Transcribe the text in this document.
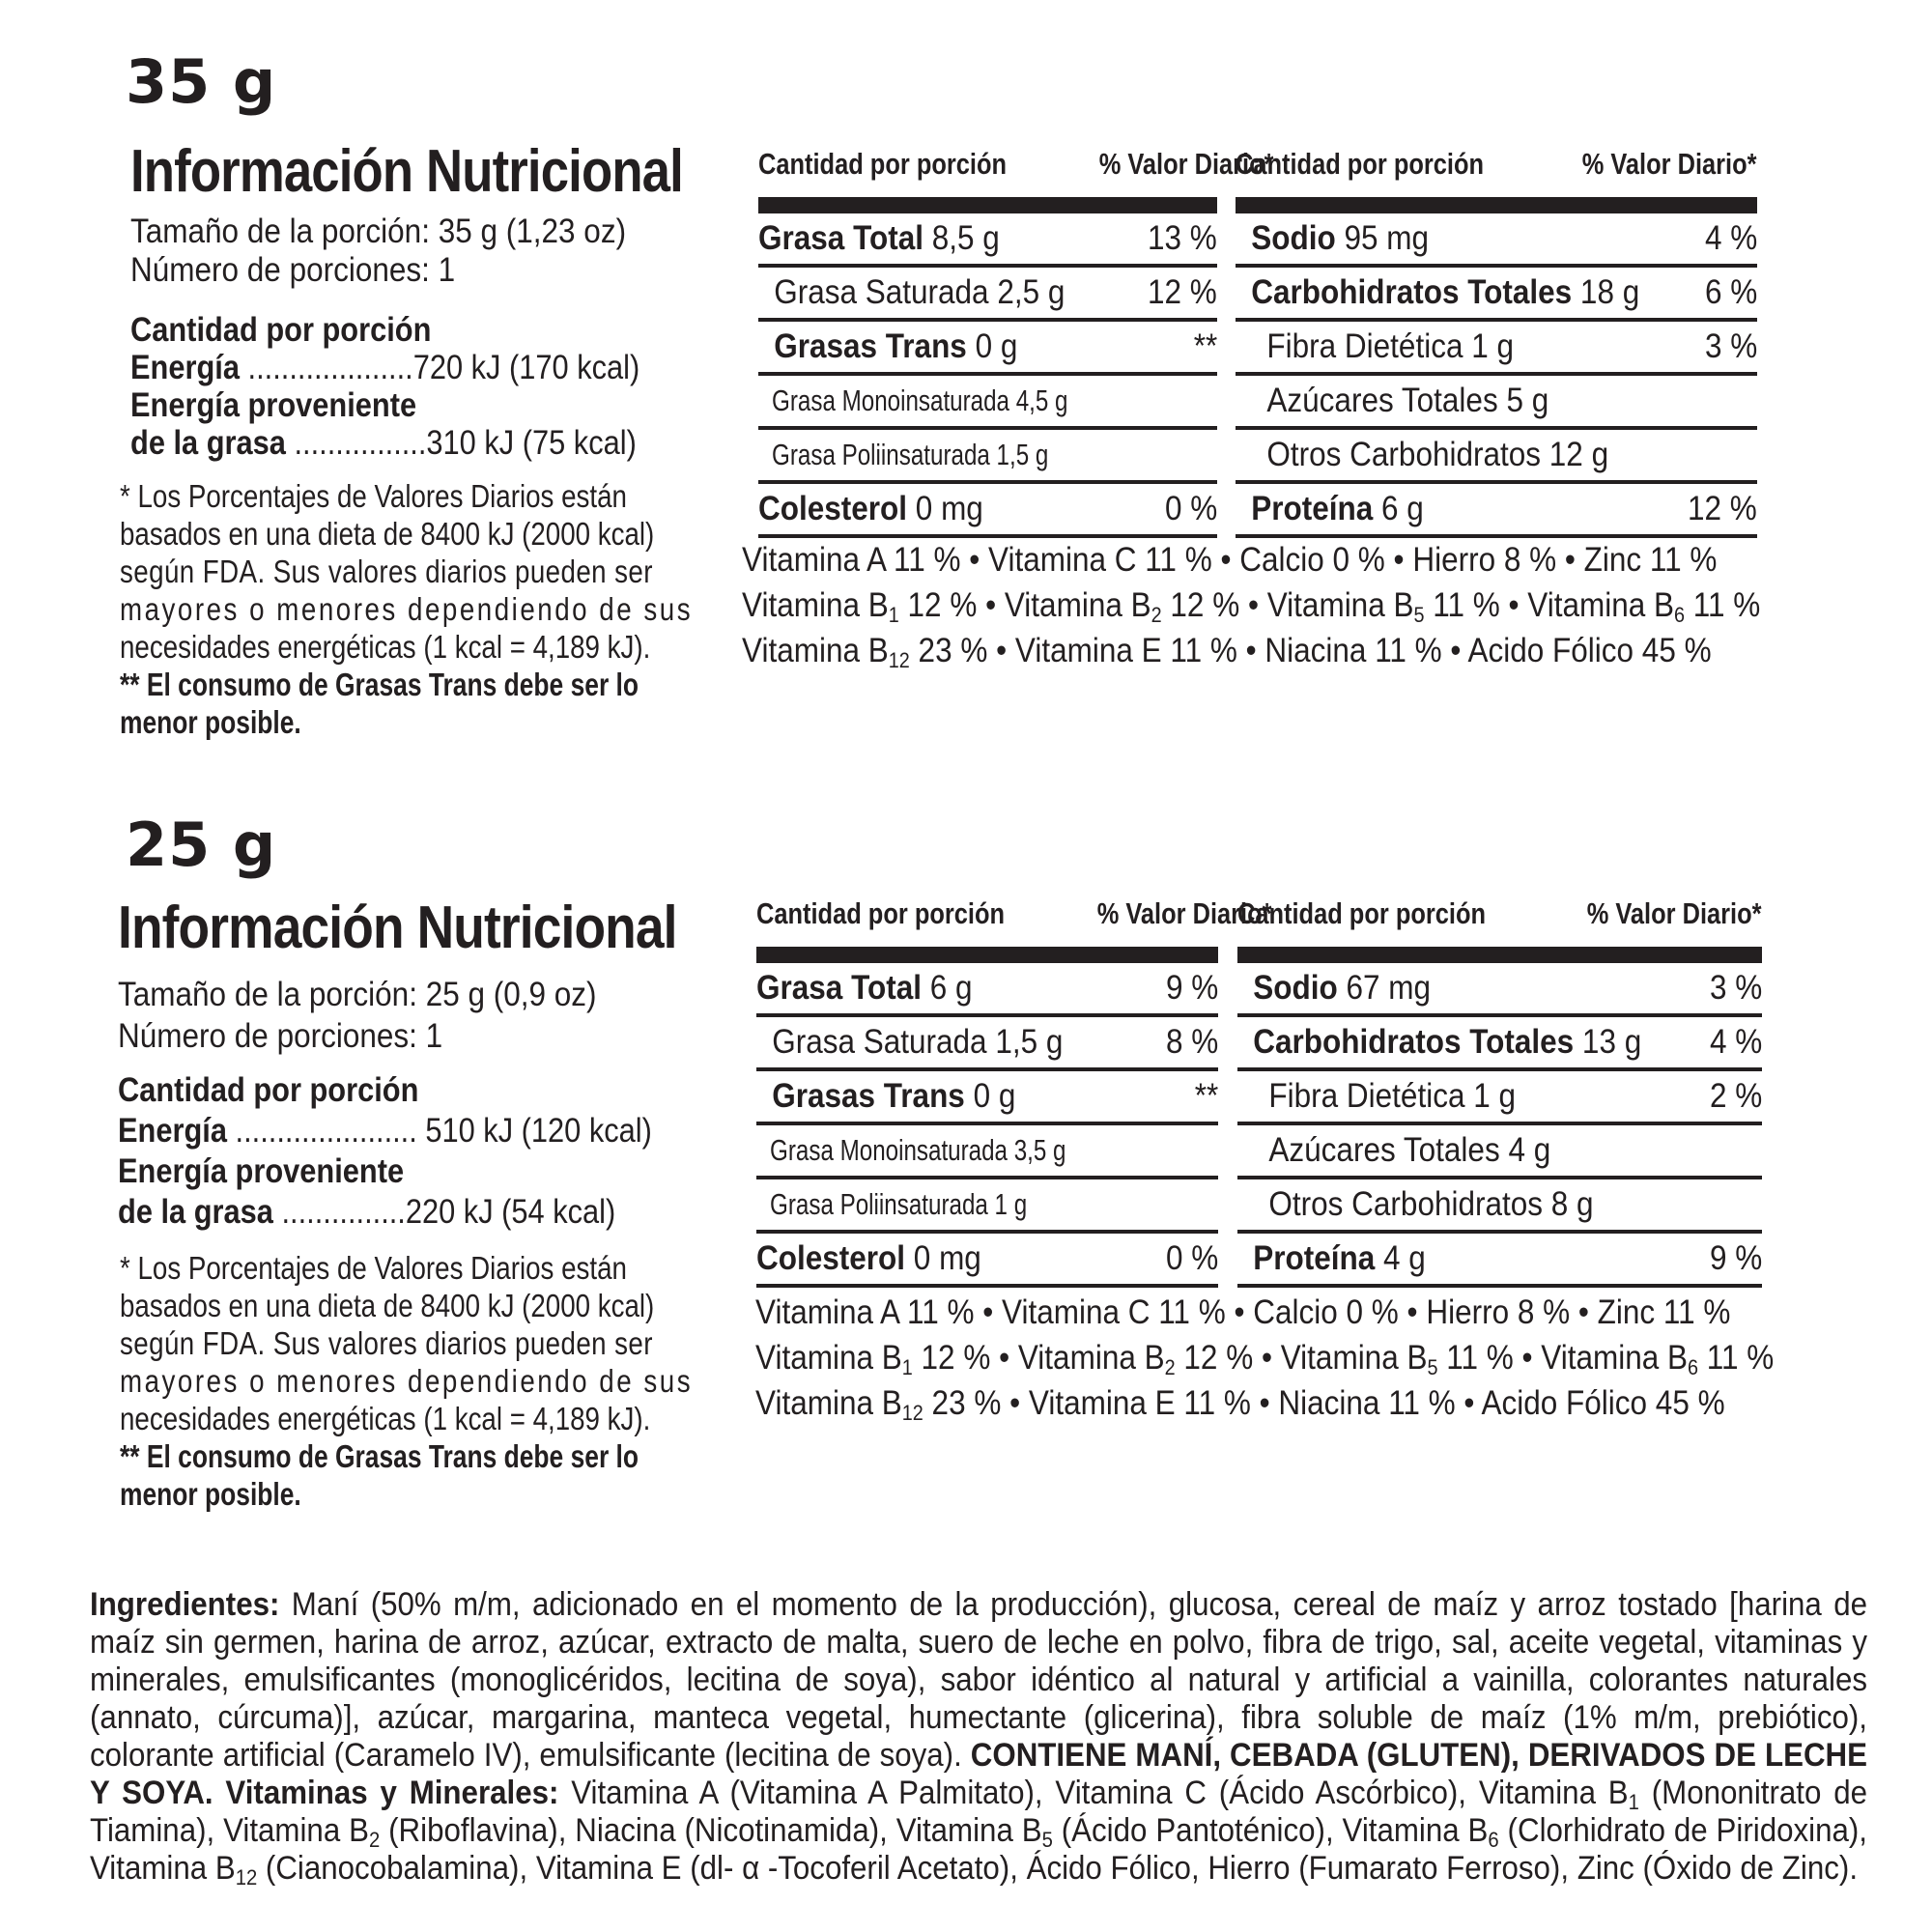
35 g
Información Nutricional
Tamaño de la porción: 35 g (1,23 oz)
Número de porciones: 1
Cantidad por porción
Energía ....................720 kJ (170 kcal)
Energía proveniente
de la grasa ................310 kJ (75 kcal)
* Los Porcentajes de Valores Diarios están
basados en una dieta de 8400 kJ (2000 kcal)
según FDA. Sus valores diarios pueden ser
mayores o menores dependiendo de sus
necesidades energéticas (1 kcal = 4,189 kJ).
** El consumo de Grasas Trans debe ser lo
menor posible.
Cantidad por porción	% Valor Diario*
Grasa Total 8,5 g	13 %
Grasa Saturada 2,5 g 12 %
Grasas Trans 0 g	**
Grasa Monoinsaturada 4,5 g
Grasa Poliinsaturada 1,5 g
Colesterol 0 mg	0 %
Cantidad por porción	% Valor Diario*
Sodio 95 mg	4 %
Carbohidratos Totales 18 g 6 %
Fibra Dietética 1 g	3 %
Azúcares Totales 5 g
Otros Carbohidratos 12 g
Proteína 6 g	12 %
Vitamina A 11 % • Vitamina C 11 % • Calcio 0 % • Hierro 8 % • Zinc 11 %
Vitamina $B_1$ 12 % • Vitamina $B_2$ 12 % • Vitamina $B_5$ 11 % • Vitamina $B_6$ 11 %
Vitamina $B_{12}$ 23 % • Vitamina E 11 % • Niacina 11 % • Acido Fólico 45 %
25 g
Información Nutricional
Tamaño de la porción: 25 g (0,9 oz)
Número de porciones: 1
Cantidad por porción
Energía ...................... 510 kJ (120 kcal)
Energía proveniente
de la grasa ...............220 kJ (54 kcal)
* Los Porcentajes de Valores Diarios están
basados en una dieta de 8400 kJ (2000 kcal)
según FDA. Sus valores diarios pueden ser
mayores o menores dependiendo de sus
necesidades energéticas (1 kcal = 4,189 kJ).
** El consumo de Grasas Trans debe ser lo
menor posible.
Cantidad por porción	% Valor Diario*
Grasa Total 6 g	9 %
Grasa Saturada 1,5 g	8 %
Grasas Trans 0 g	**
Grasa Monoinsaturada 3,5 g
Grasa Poliinsaturada 1 g
Colesterol 0 mg	0 %
Cantidad por porción	% Valor Diario*
Sodio 67 mg	3 %
Carbohidratos Totales 13 g 4 %
Fibra Dietética 1 g	2 %
Azúcares Totales 4 g
Otros Carbohidratos 8 g
Proteína 4 g	9 %
Vitamina A 11 % • Vitamina C 11 % • Calcio 0 % • Hierro 8 % • Zinc 11 %
Vitamina $B_1$ 12 % • Vitamina $B_2$ 12 % • Vitamina $B_5$ 11 % • Vitamina $B_6$ 11 %
Vitamina $B_{12}$ 23 % • Vitamina E 11 % • Niacina 11 % • Acido Fólico 45 %
Ingredientes: Maní (50% m/m, adicionado en el momento de la producción), glucosa, cereal de maíz y arroz tostado [harina de maíz sin germen, harina de arroz, azúcar, extracto de malta, suero de leche en polvo, fibra de trigo, sal, aceite vegetal, vitaminas y minerales, emulsificantes (monoglicéridos, lecitina de soya), sabor idéntico al natural y artificial a vainilla, colorantes naturales (annato, cúrcuma)], azúcar, margarina, manteca vegetal, humectante (glicerina), fibra soluble de maíz (1% m/m, prebiótico), colorante artificial (Caramelo IV), emulsificante (lecitina de soya). CONTIENE MANÍ, CEBADA (GLUTEN), DERIVADOS DE LECHE Y SOYA. Vitaminas y Minerales: Vitamina A (Vitamina A Palmitato), Vitamina C (Ácido Ascórbico), Vitamina $B_1$ (Mononitrato de Tiamina), Vitamina $B_2$ (Riboflavina), Niacina (Nicotinamida), Vitamina $B_5$ (Ácido Pantoténico), Vitamina $B_6$ (Clorhidrato de Piridoxina), Vitamina $B_{12}$ (Cianocobalamina), Vitamina E (dl- α -Tocoferil Acetato), Ácido Fólico, Hierro (Fumarato Ferroso), Zinc (Óxido de Zinc).
